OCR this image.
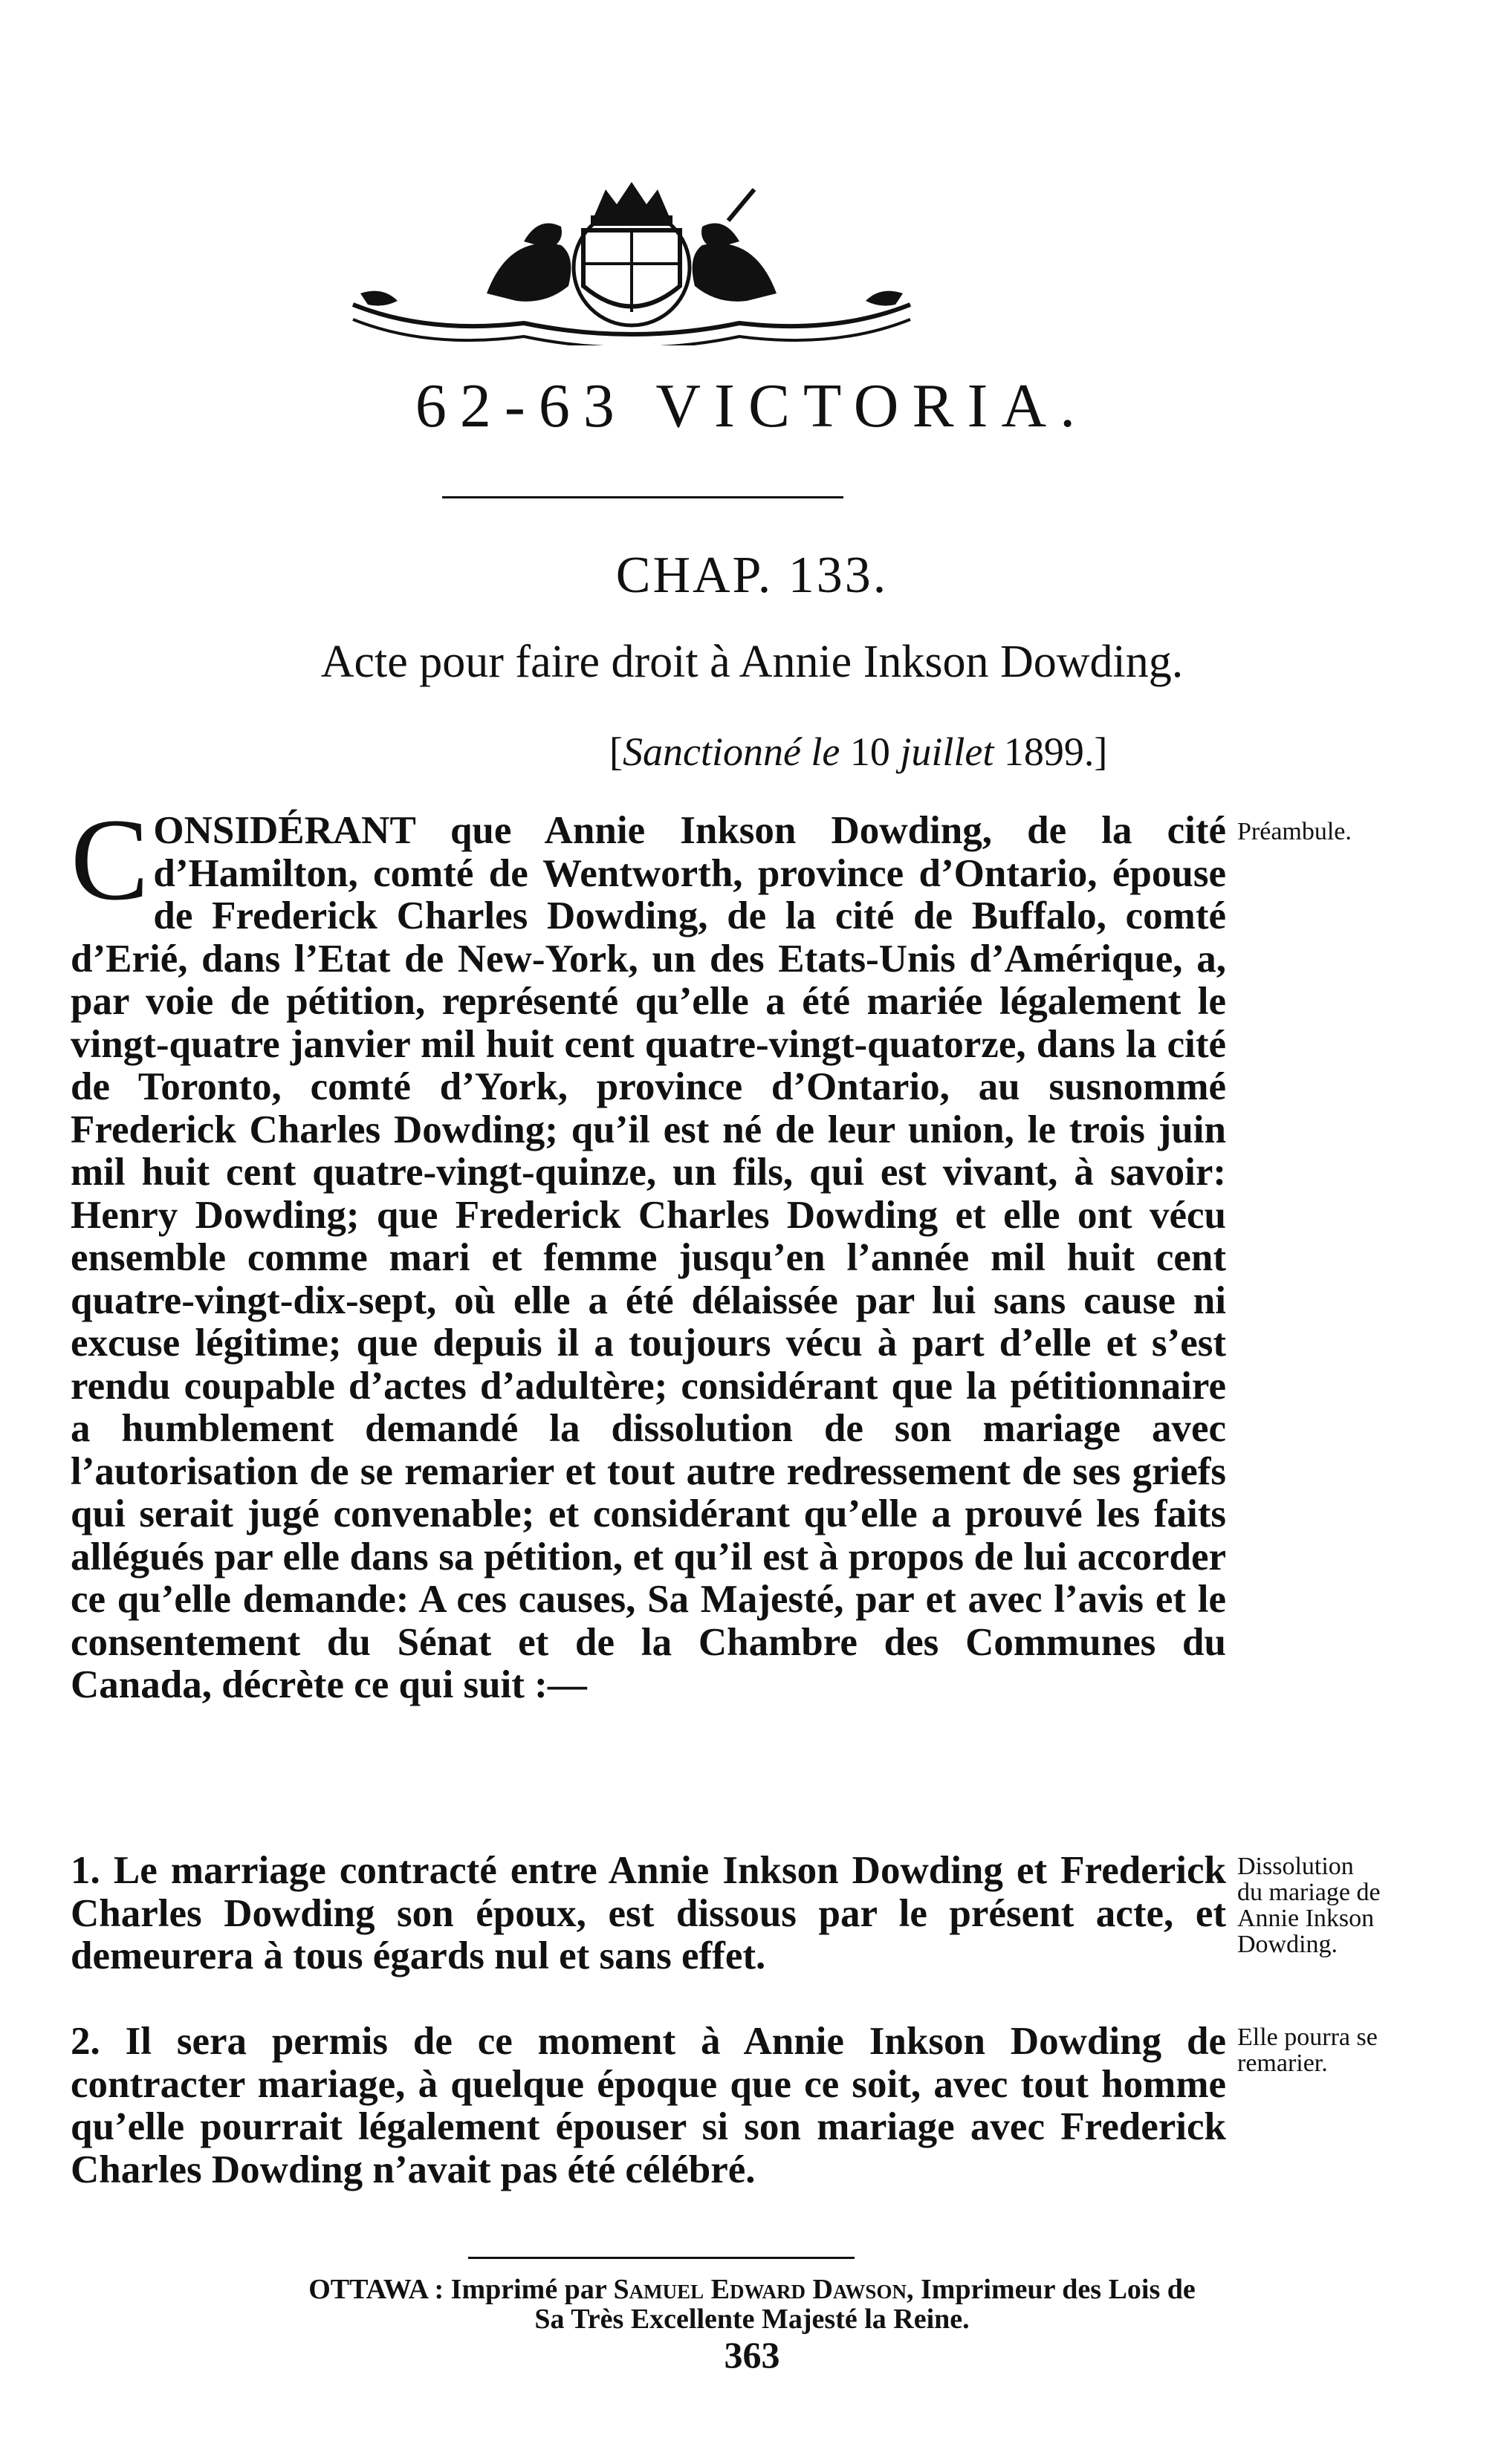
62-63 VICTORIA.
CHAP. 133.
Acte pour faire droit à Annie Inkson Dowding.
[Sanctionné le 10 juillet 1899.]
CONSIDÉRANT que Annie Inkson Dowding, de la cité d’Hamilton, comté de Wentworth, province d’Ontario, épouse de Frederick Charles Dowding, de la cité de Buffalo, comté d’Erié, dans l’Etat de New-York, un des Etats-Unis d’Amérique, a, par voie de pétition, représenté qu’elle a été mariée légalement le vingt-quatre janvier mil huit cent quatre-vingt-quatorze, dans la cité de Toronto, comté d’York, province d’Ontario, au susnommé Frederick Charles Dowding; qu’il est né de leur union, le trois juin mil huit cent quatre-vingt-quinze, un fils, qui est vivant, à savoir: Henry Dowding; que Frederick Charles Dowding et elle ont vécu ensemble comme mari et femme jusqu’en l’année mil huit cent quatre-vingt-dix-sept, où elle a été délaissée par lui sans cause ni excuse légitime; que depuis il a toujours vécu à part d’elle et s’est rendu coupable d’actes d’adultère; considérant que la pétitionnaire a humblement demandé la dissolution de son mariage avec l’autorisation de se remarier et tout autre redressement de ses griefs qui serait jugé convenable; et considérant qu’elle a prouvé les faits allégués par elle dans sa pétition, et qu’il est à propos de lui accorder ce qu’elle demande: A ces causes, Sa Majesté, par et avec l’avis et le consentement du Sénat et de la Chambre des Communes du Canada, décrète ce qui suit :—
Préambule.
1. Le marriage contracté entre Annie Inkson Dowding et Frederick Charles Dowding son époux, est dissous par le présent acte, et demeurera à tous égards nul et sans effet.
Dissolution
du mariage de
Annie Inkson
Dowding.
2. Il sera permis de ce moment à Annie Inkson Dowding de contracter mariage, à quelque époque que ce soit, avec tout homme qu’elle pourrait légalement épouser si son mariage avec Frederick Charles Dowding n’avait pas été célébré.
Elle pourra se
remarier.
OTTAWA : Imprimé par Samuel Edward Dawson, Imprimeur des Lois de
Sa Très Excellente Majesté la Reine.
363
